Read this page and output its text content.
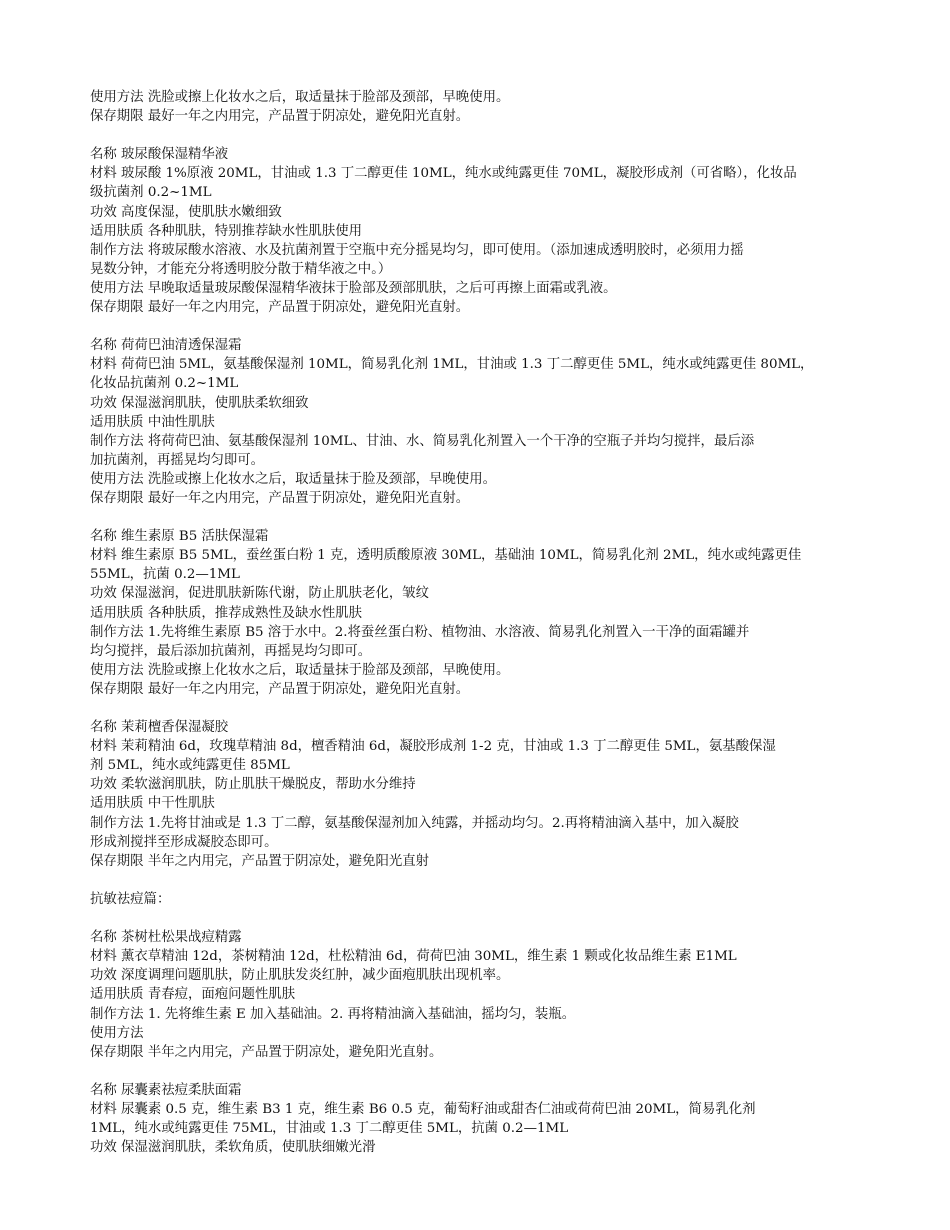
使用方法 洗脸或擦上化妆水之后，取适量抹于脸部及颈部，早晚使用。
保存期限 最好一年之内用完，产品置于阴凉处，避免阳光直射。
名称 玻尿酸保湿精华液
材料 玻尿酸 1%原液 20ML，甘油或 1.3 丁二醇更佳 10ML，纯水或纯露更佳 70ML，凝胶形成剂（可省略），化妆品
级抗菌剂 0.2~1ML
功效 高度保湿，使肌肤水嫩细致
适用肤质 各种肌肤，特别推荐缺水性肌肤使用
制作方法 将玻尿酸水溶液、水及抗菌剂置于空瓶中充分摇晃均匀，即可使用。（添加速成透明胶时，必须用力摇
晃数分钟，才能充分将透明胶分散于精华液之中。）
使用方法 早晚取适量玻尿酸保湿精华液抹于脸部及颈部肌肤，之后可再擦上面霜或乳液。
保存期限 最好一年之内用完，产品置于阴凉处，避免阳光直射。
名称 荷荷巴油清透保湿霜
材料 荷荷巴油 5ML，氨基酸保湿剂 10ML，简易乳化剂 1ML，甘油或 1.3 丁二醇更佳 5ML，纯水或纯露更佳 80ML，
化妆品抗菌剂 0.2~1ML
功效 保湿滋润肌肤，使肌肤柔软细致
适用肤质 中油性肌肤
制作方法 将荷荷巴油、氨基酸保湿剂 10ML、甘油、水、简易乳化剂置入一个干净的空瓶子并均匀搅拌，最后添
加抗菌剂，再摇晃均匀即可。
使用方法 洗脸或擦上化妆水之后，取适量抹于脸及颈部，早晚使用。
保存期限 最好一年之内用完，产品置于阴凉处，避免阳光直射。
名称 维生素原 B5 活肤保湿霜
材料 维生素原 B5 5ML，蚕丝蛋白粉 1 克，透明质酸原液 30ML，基础油 10ML，简易乳化剂 2ML，纯水或纯露更佳
55ML，抗菌 0.2—1ML
功效 保湿滋润，促进肌肤新陈代谢，防止肌肤老化，皱纹
适用肤质 各种肤质，推荐成熟性及缺水性肌肤
制作方法 1.先将维生素原 B5 溶于水中。2.将蚕丝蛋白粉、植物油、水溶液、简易乳化剂置入一干净的面霜罐并
均匀搅拌，最后添加抗菌剂，再摇晃均匀即可。
使用方法 洗脸或擦上化妆水之后，取适量抹于脸部及颈部，早晚使用。
保存期限 最好一年之内用完，产品置于阴凉处，避免阳光直射。
名称 茉莉檀香保湿凝胶
材料 茉莉精油 6d，玫瑰草精油 8d，檀香精油 6d，凝胶形成剂 1-2 克，甘油或 1.3 丁二醇更佳 5ML，氨基酸保湿
剂 5ML，纯水或纯露更佳 85ML
功效 柔软滋润肌肤，防止肌肤干燥脱皮，帮助水分维持
适用肤质 中干性肌肤
制作方法 1.先将甘油或是 1.3 丁二醇，氨基酸保湿剂加入纯露，并摇动均匀。2.再将精油滴入基中，加入凝胶
形成剂搅拌至形成凝胶态即可。
保存期限 半年之内用完，产品置于阴凉处，避免阳光直射
抗敏祛痘篇：
名称 茶树杜松果战痘精露
材料 薰衣草精油 12d，茶树精油 12d，杜松精油 6d，荷荷巴油 30ML，维生素 1 颗或化妆品维生素 E1ML
功效 深度调理问题肌肤，防止肌肤发炎红肿，减少面疱肌肤出现机率。
适用肤质 青春痘，面疱问题性肌肤
制作方法 1. 先将维生素 E 加入基础油。2. 再将精油滴入基础油，摇均匀，装瓶。
使用方法
保存期限 半年之内用完，产品置于阴凉处，避免阳光直射。
名称 尿囊素祛痘柔肤面霜
材料 尿囊素 0.5 克，维生素 B3 1 克，维生素 B6 0.5 克，葡萄籽油或甜杏仁油或荷荷巴油 20ML，简易乳化剂
1ML，纯水或纯露更佳 75ML，甘油或 1.3 丁二醇更佳 5ML，抗菌 0.2—1ML
功效 保湿滋润肌肤，柔软角质，使肌肤细嫩光滑
